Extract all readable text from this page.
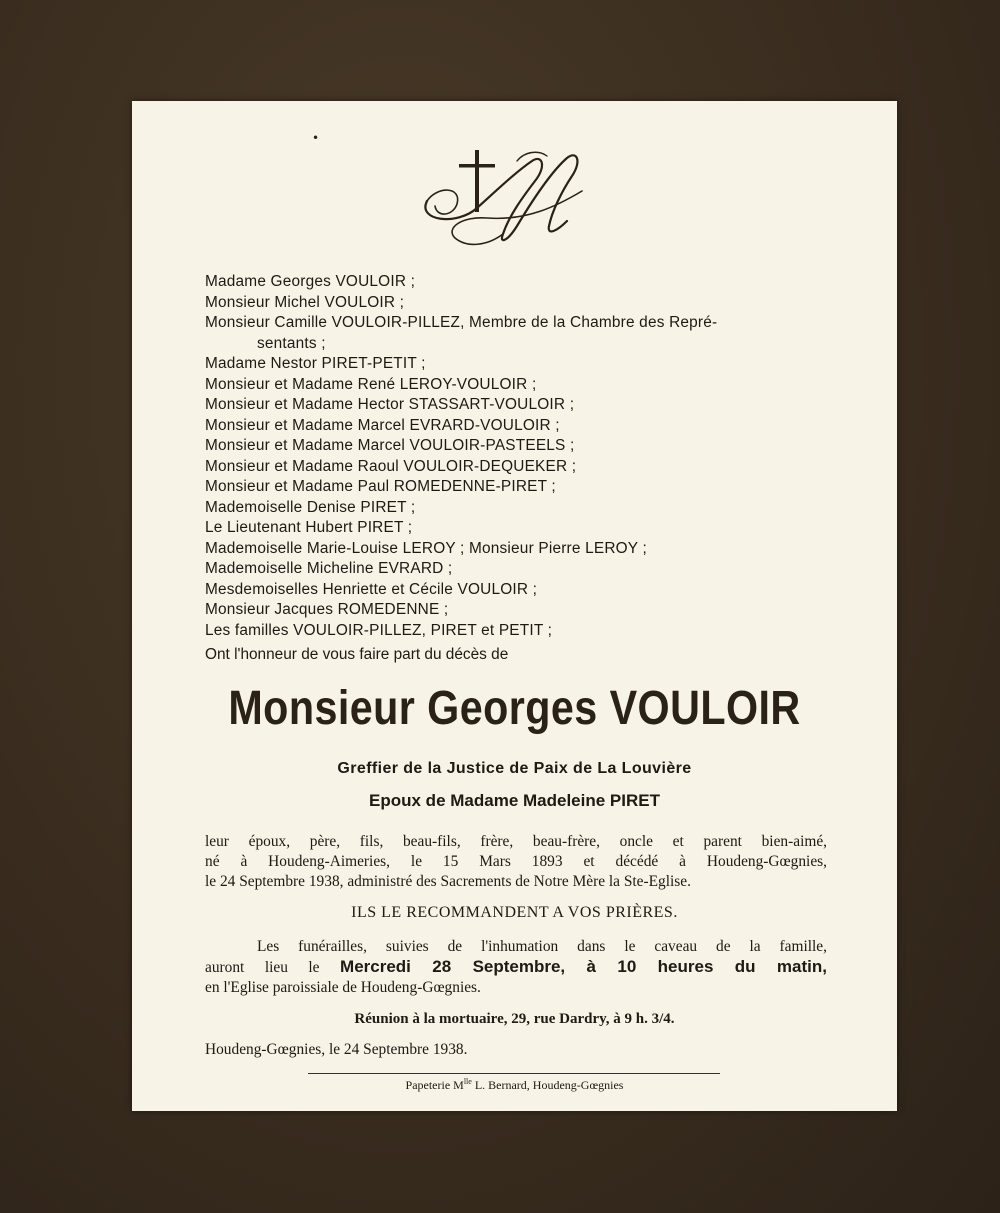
•
Madame Georges VOULOIR ;
Monsieur Michel VOULOIR ;
Monsieur Camille VOULOIR-PILLEZ, Membre de la Chambre des Repré-
sentants ;
Madame Nestor PIRET-PETIT ;
Monsieur et Madame René LEROY-VOULOIR ;
Monsieur et Madame Hector STASSART-VOULOIR ;
Monsieur et Madame Marcel EVRARD-VOULOIR ;
Monsieur et Madame Marcel VOULOIR-PASTEELS ;
Monsieur et Madame Raoul VOULOIR-DEQUEKER ;
Monsieur et Madame Paul ROMEDENNE-PIRET ;
Mademoiselle Denise PIRET ;
Le Lieutenant Hubert PIRET ;
Mademoiselle Marie-Louise LEROY ; Monsieur Pierre LEROY ;
Mademoiselle Micheline EVRARD ;
Mesdemoiselles Henriette et Cécile VOULOIR ;
Monsieur Jacques ROMEDENNE ;
Les familles VOULOIR-PILLEZ, PIRET et PETIT ;
Ont l'honneur de vous faire part du décès de
Monsieur Georges VOULOIR
Greffier de la Justice de Paix de La Louvière
Epoux de Madame Madeleine PIRET
leur époux, père, fils, beau-fils, frère, beau-frère, oncle et parent bien-aimé,
né à Houdeng-Aimeries, le 15 Mars 1893 et décédé à Houdeng-Gœgnies,
le 24 Septembre 1938, administré des Sacrements de Notre Mère la Ste-Eglise.
ILS LE RECOMMANDENT A VOS PRIÈRES.
Les funérailles, suivies de l'inhumation dans le caveau de la famille,
auront lieu le Mercredi 28 Septembre, à 10 heures du matin,
en l'Eglise paroissiale de Houdeng-Gœgnies.
Réunion à la mortuaire, 29, rue Dardry, à 9 h. 3/4.
Houdeng-Gœgnies, le 24 Septembre 1938.
Papeterie $M^{lle}$ L. Bernard, Houdeng-Gœgnies
